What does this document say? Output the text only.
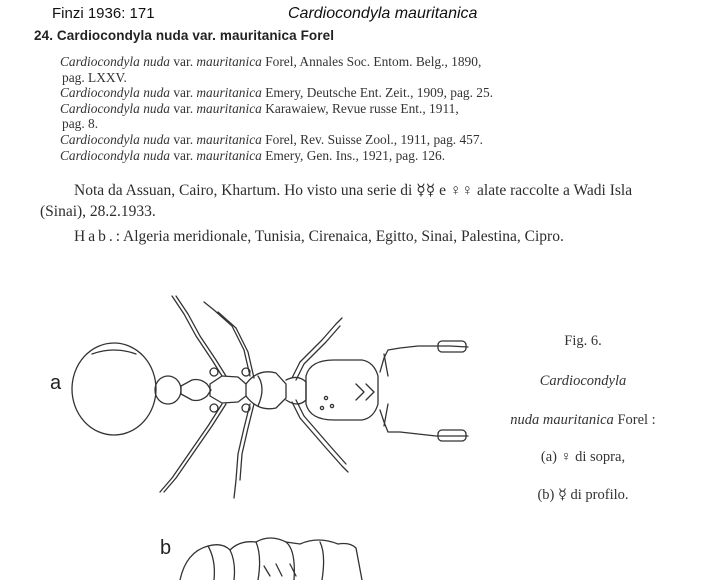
Finzi 1936: 171	Cardiocondyla mauritanica
24. Cardiocondyla nuda var. mauritanica Forel

Cardiocondyla nuda var. mauritanica Forel, Annales Soc. Entom. Belg., 1890,
pag. LXXV.

Cardiocondyla nuda var. mauritanica Emery, Deutsche Ent. Zeit., 1909, pag. 25.

Cardiocondyla nuda var. mauritanica Karawaiew, Revue russe Ent., 1911,
pag. 8.

Cardiocondyla nuda var. mauritanica Forel, Rev. Suisse Zool., 1911, pag. 457.

Cardiocondyla nuda var. mauritanica Emery, Gen. Ins., 1921, pag. 126.

Nota da Assuan, Cairo, Khartum. Ho visto una serie di ☿☿ e ♀♀ alate raccolte a Wadi Isla (Sinai), 28.2.1933.

Hab.: Algeria meridionale, Tunisia, Cirenaica, Egitto, Sinai, Palestina, Cipro.

a
b
Fig. 6.
Cardiocondyla
nuda mauritanica Forel :
(a) ♀ di sopra,
(b) ☿ di profilo.
